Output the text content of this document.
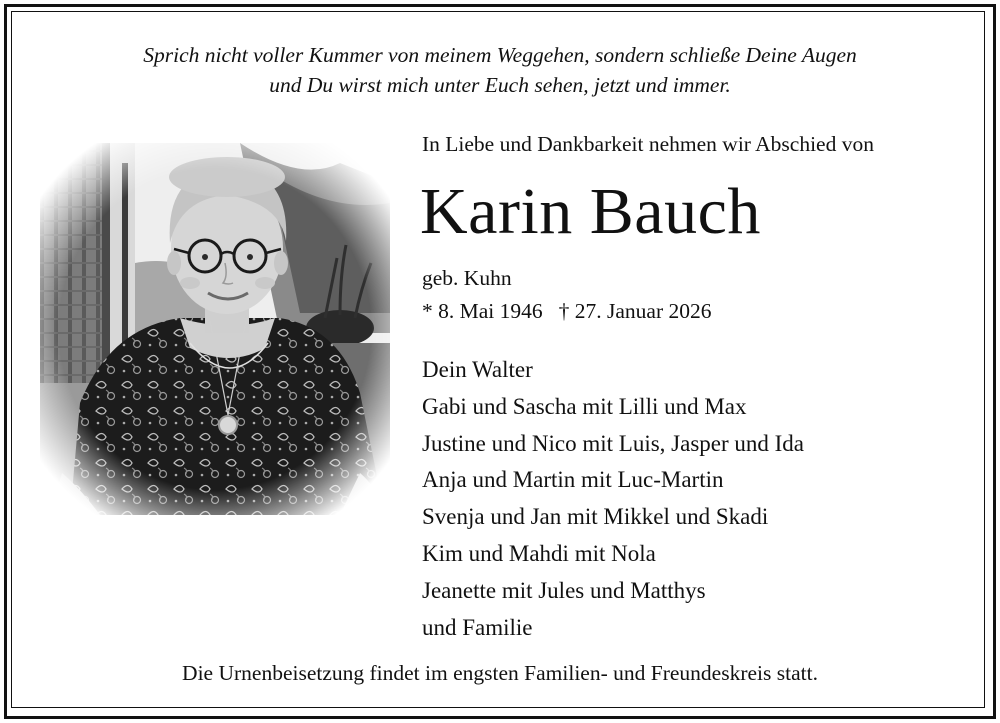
Sprich nicht voller Kummer von meinem Weggehen, sondern schließe Deine Augen
und Du wirst mich unter Euch sehen, jetzt und immer.
In Liebe und Dankbarkeit nehmen wir Abschied von
Karin Bauch
geb. Kuhn
* 8. Mai 1946 † 27. Januar 2026
Dein Walter
Gabi und Sascha mit Lilli und Max
Justine und Nico mit Luis, Jasper und Ida
Anja und Martin mit Luc-Martin
Svenja und Jan mit Mikkel und Skadi
Kim und Mahdi mit Nola
Jeanette mit Jules und Matthys
und Familie
Die Urnenbeisetzung findet im engsten Familien- und Freundeskreis statt.
